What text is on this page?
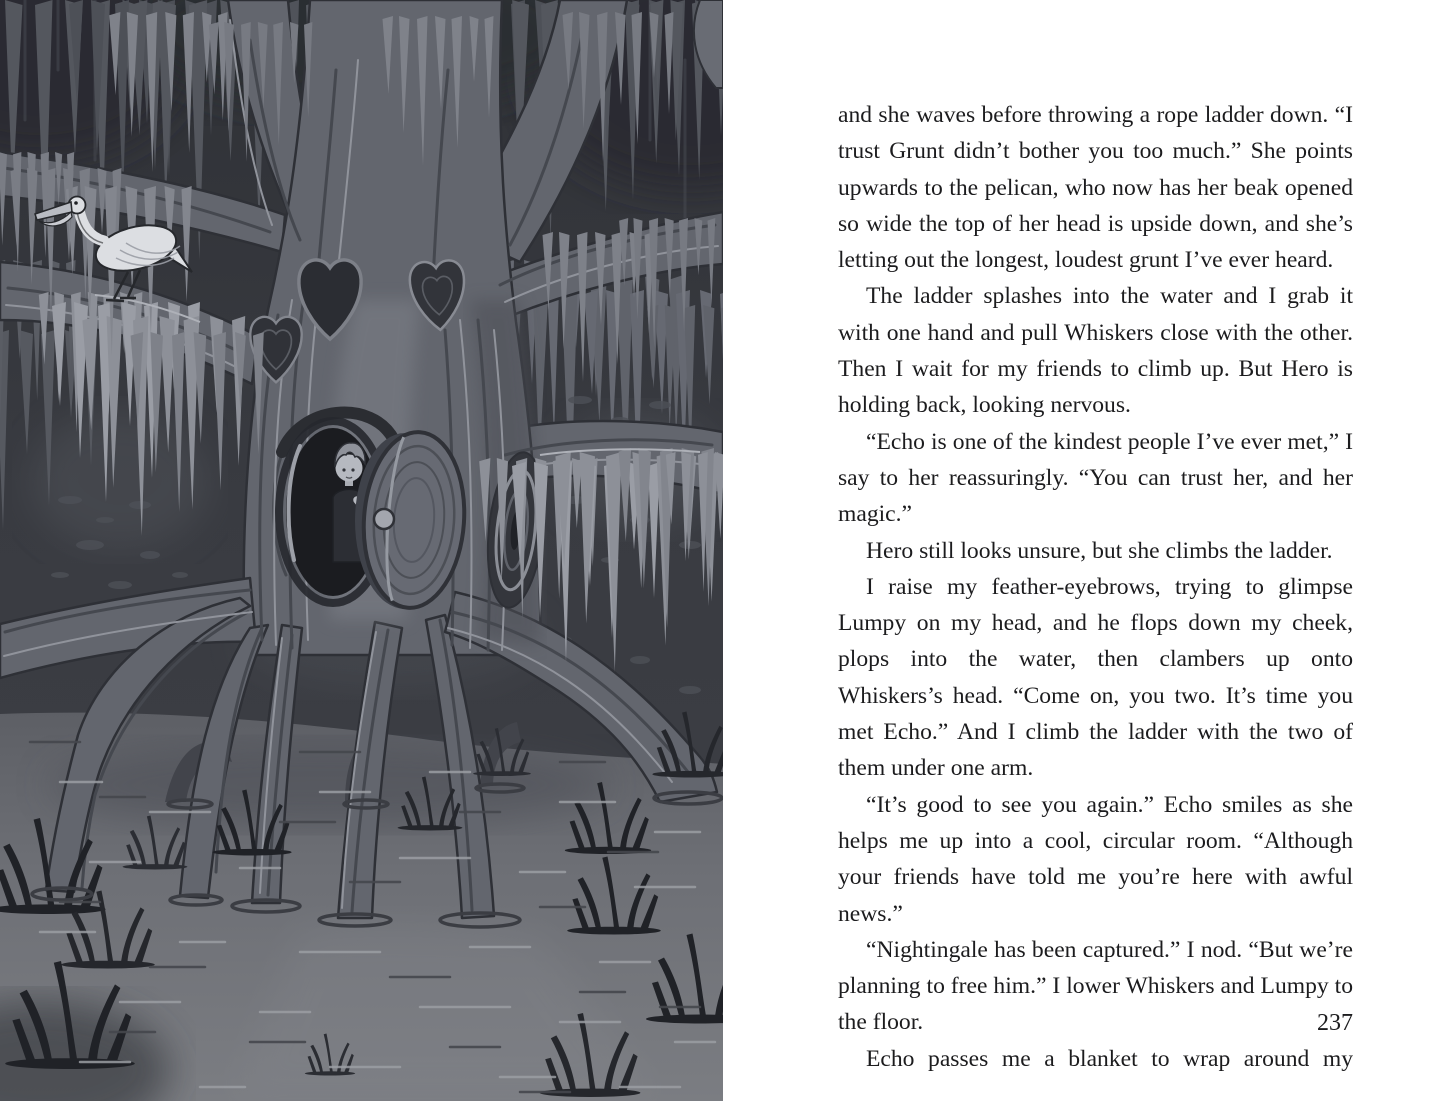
and she waves before throwing a rope ladder down. “I trust Grunt didn’t bother you too much.” She points upwards to the pelican, who now has her beak opened so wide the top of her head is upside down, and she’s letting out the longest, loudest grunt I’ve ever heard.

The ladder splashes into the water and I grab it with one hand and pull Whiskers close with the other. Then I wait for my friends to climb up. But Hero is holding back, looking nervous.

“Echo is one of the kindest people I’ve ever met,” I say to her reassuringly. “You can trust her, and her magic.”

Hero still looks unsure, but she climbs the ladder.

I raise my feather-eyebrows, trying to glimpse Lumpy on my head, and he flops down my cheek, plops into the water, then clambers up onto Whiskers’s head. “Come on, you two. It’s time you met Echo.” And I climb the ladder with the two of them under one arm.

“It’s good to see you again.” Echo smiles as she helps me up into a cool, circular room. “Although your friends have told me you’re here with awful news.”

“Nightingale has been captured.” I nod. “But we’re planning to free him.” I lower Whiskers and Lumpy to the floor.

Echo passes me a blanket to wrap around my

237
